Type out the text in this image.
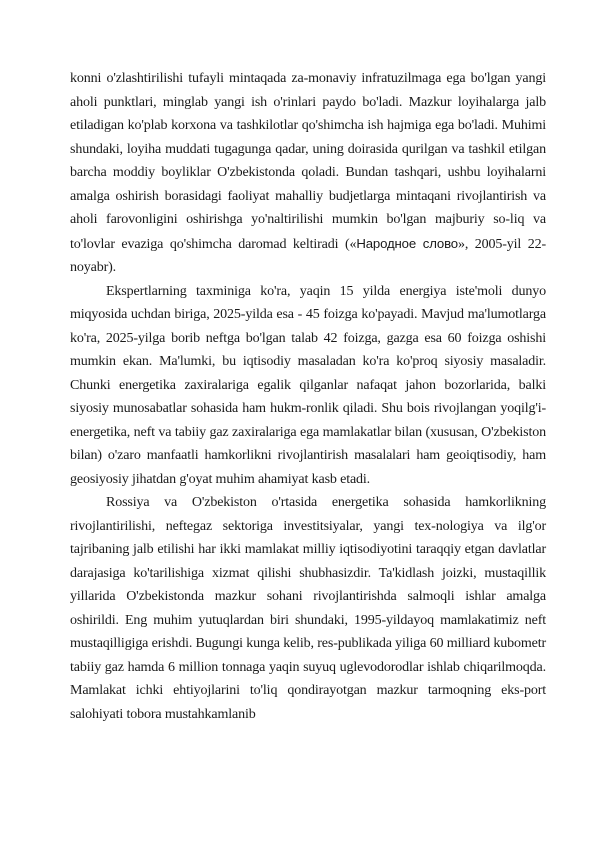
konni o'zlashtirilishi tufayli mintaqada za-monaviy infratuzilmaga ega bo'lgan yangi aholi punktlari, minglab yangi ish o'rinlari paydo bo'ladi. Mazkur loyihalarga jalb etiladigan ko'plab korxona va tashkilotlar qo'shimcha ish hajmiga ega bo'ladi. Muhimi shundaki, loyiha muddati tugagunga qadar, uning doirasida qurilgan va tashkil etilgan barcha moddiy boyliklar O'zbekistonda qoladi. Bundan tashqari, ushbu loyihalarni amalga oshirish borasidagi faoliyat mahalliy budjetlarga mintaqani rivojlantirish va aholi farovonligini oshirishga yo'naltirilishi mumkin bo'lgan majburiy so-liq va to'lovlar evaziga qo'shimcha daromad keltiradi («Народное слово», 2005-yil 22-noyabr).

Ekspertlarning taxminiga ko'ra, yaqin 15 yilda energiya iste'moli dunyo miqyosida uchdan biriga, 2025-yilda esa - 45 foizga ko'payadi. Mavjud ma'lumotlarga ko'ra, 2025-yilga borib neftga bo'lgan talab 42 foizga, gazga esa 60 foizga oshishi mumkin ekan. Ma'lumki, bu iqtisodiy masaladan ko'ra ko'proq siyosiy masaladir. Chunki energetika zaxiralariga egalik qilganlar nafaqat jahon bozorlarida, balki siyosiy munosabatlar sohasida ham hukm-ronlik qiladi. Shu bois rivojlangan yoqilg'i-energetika, neft va tabiiy gaz zaxiralariga ega mamlakatlar bilan (xususan, O'zbekiston bilan) o'zaro manfaatli hamkorlikni rivojlantirish masalalari ham geoiqtisodiy, ham geosiyosiy jihatdan g'oyat muhim ahamiyat kasb etadi.

Rossiya va O'zbekiston o'rtasida energetika sohasida hamkorlikning rivojlantirilishi, neftegaz sektoriga investitsiyalar, yangi tex-nologiya va ilg'or tajribaning jalb etilishi har ikki mamlakat milliy iqtisodiyotini taraqqiy etgan davlatlar darajasiga ko'tarilishiga xizmat qilishi shubhasizdir. Ta'kidlash joizki, mustaqillik yillarida O'zbekistonda mazkur sohani rivojlantirishda salmoqli ishlar amalga oshirildi. Eng muhim yutuqlardan biri shundaki, 1995-yildayoq mamlakatimiz neft mustaqilligiga erishdi. Bugungi kunga kelib, res-publikada yiliga 60 milliard kubometr tabiiy gaz hamda 6 million tonnaga yaqin suyuq uglevodorodlar ishlab chiqarilmoqda. Mamlakat ichki ehtiyojlarini to'liq qondirayotgan mazkur tarmoqning eks-port salohiyati tobora mustahkamlanib
